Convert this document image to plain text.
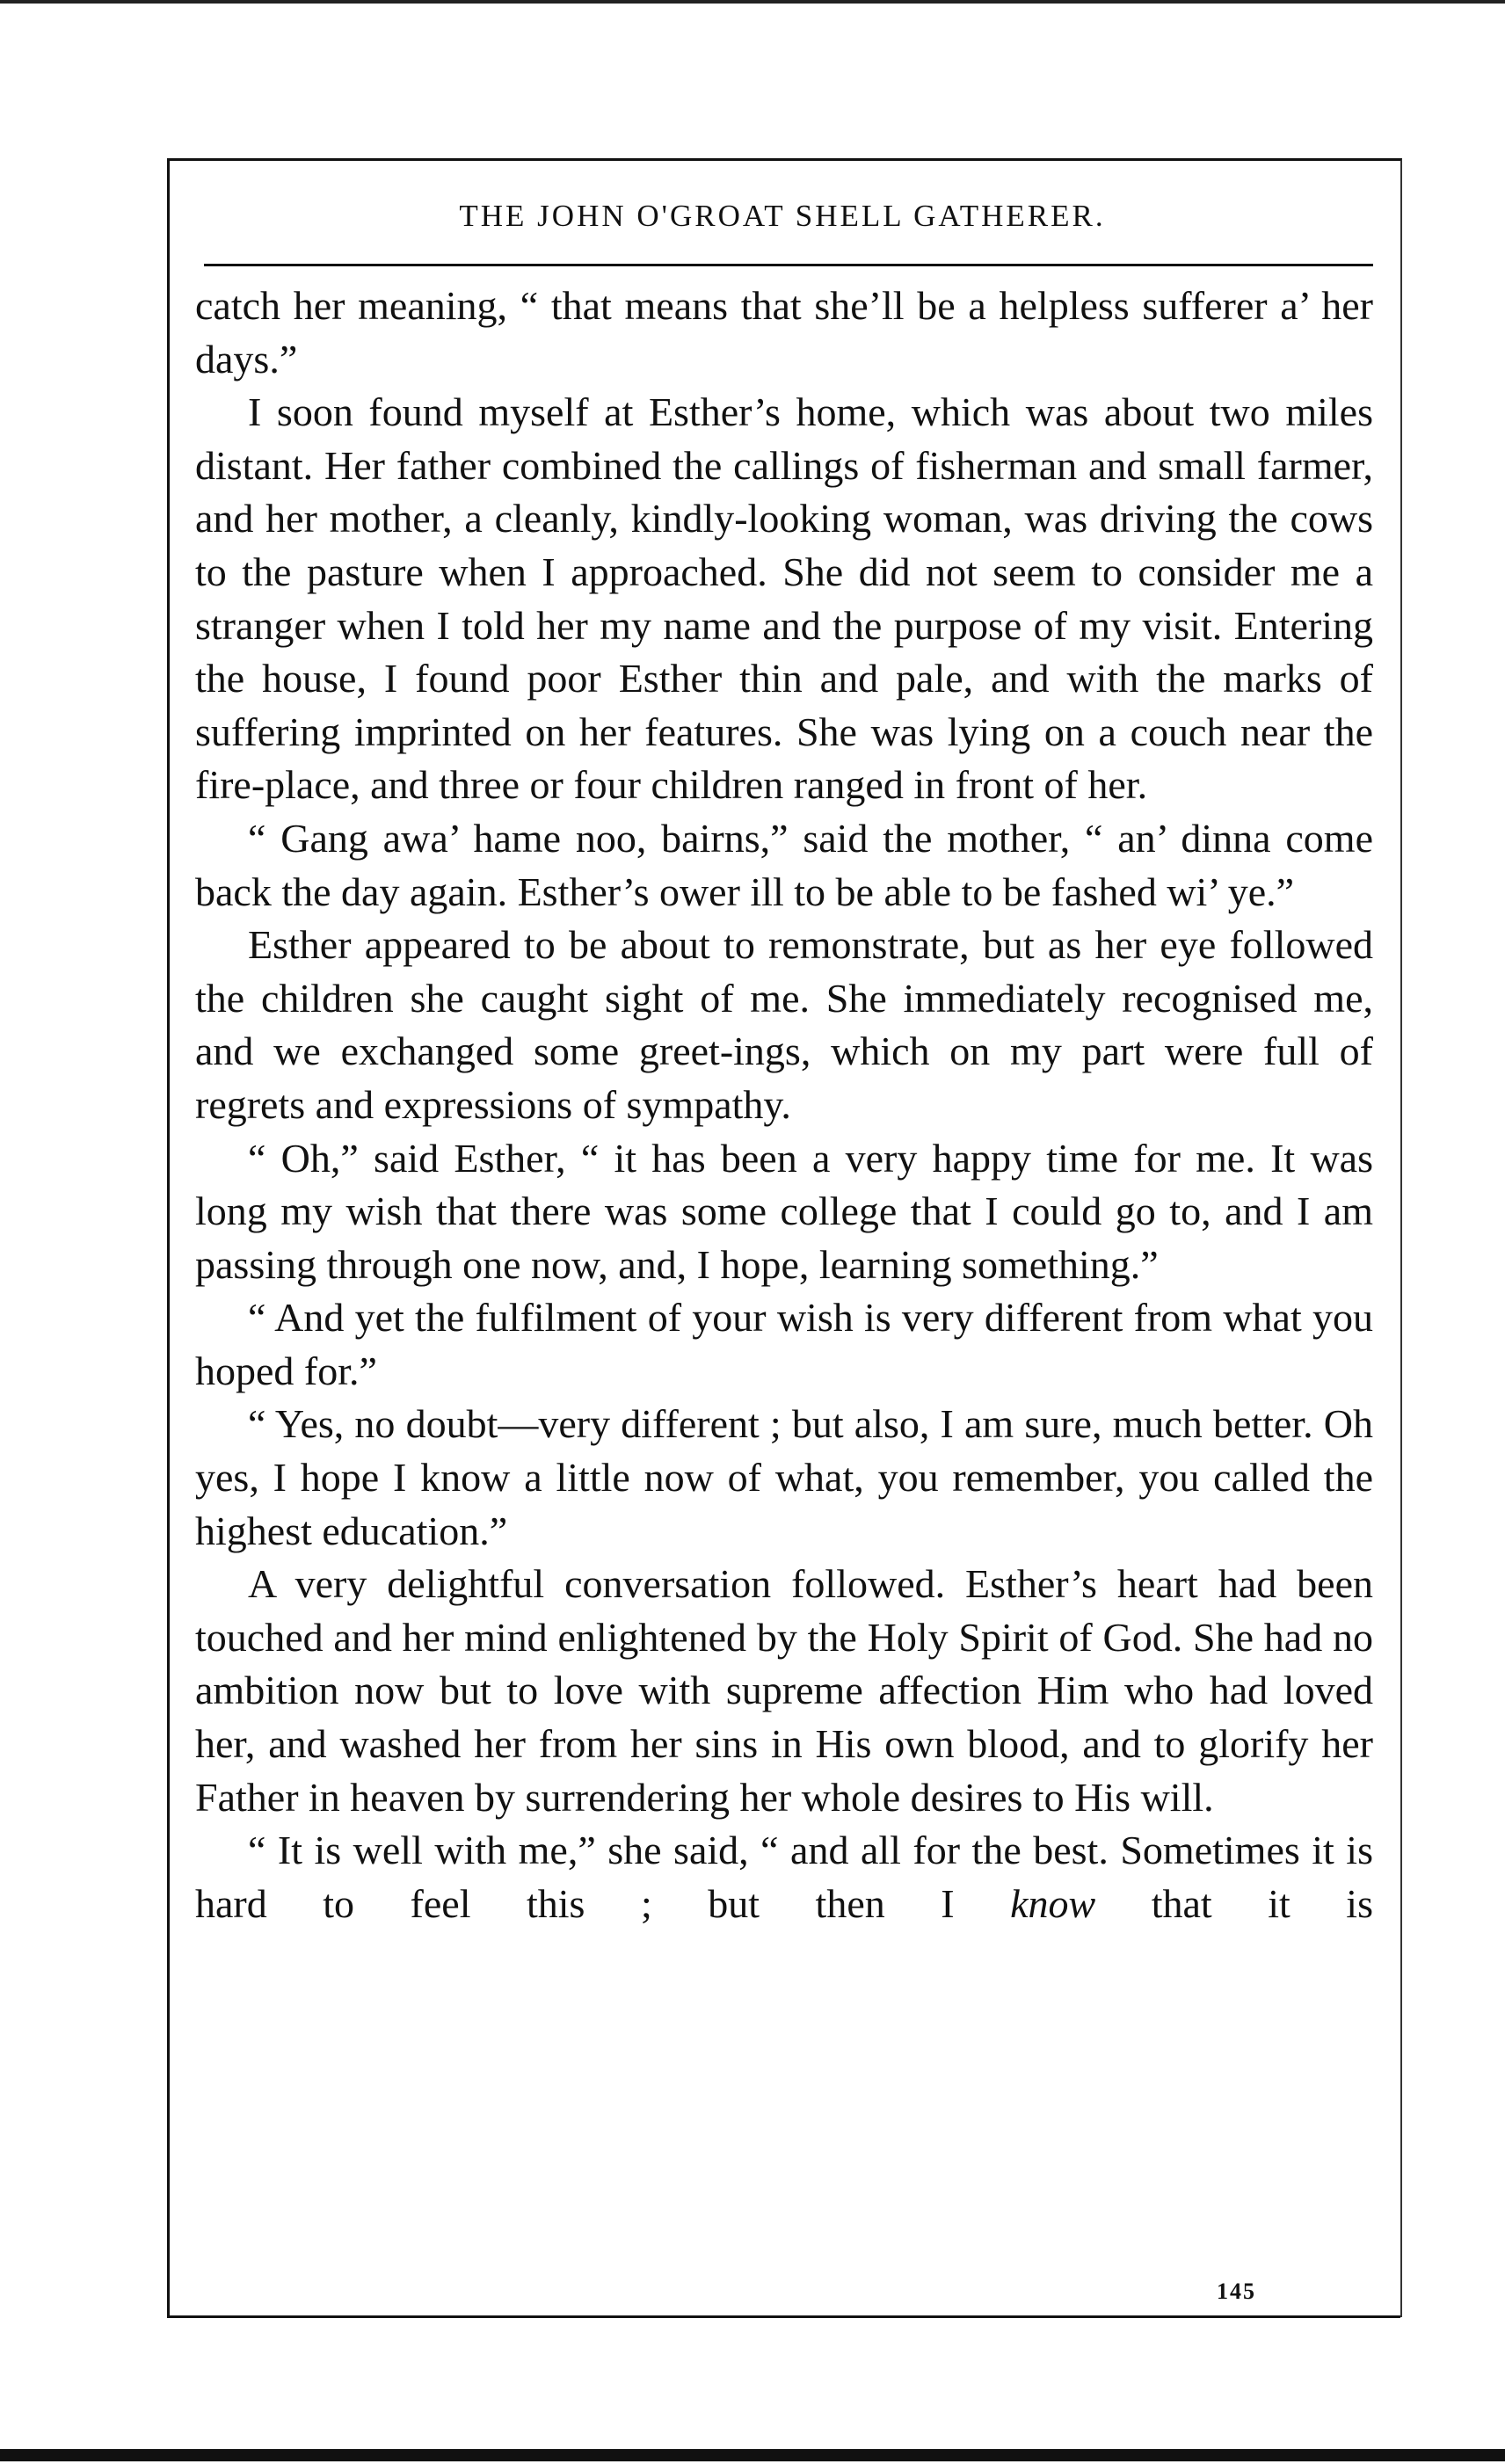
THE JOHN O'GROAT SHELL GATHERER.

catch her meaning, “ that means that she’ll be a helpless sufferer a’ her days.”

I soon found myself at Esther’s home, which was about two miles distant. Her father combined the callings of fisherman and small farmer, and her mother, a cleanly, kindly-looking woman, was driving the cows to the pasture when I approached. She did not seem to consider me a stranger when I told her my name and the purpose of my visit. Entering the house, I found poor Esther thin and pale, and with the marks of suffering imprinted on her features. She was lying on a couch near the fire-place, and three or four children ranged in front of her.

“ Gang awa’ hame noo, bairns,” said the mother, “ an’ dinna come back the day again. Esther’s ower ill to be able to be fashed wi’ ye.”

Esther appeared to be about to remonstrate, but as her eye followed the children she caught sight of me. She immediately recognised me, and we exchanged some greet-ings, which on my part were full of regrets and expressions of sympathy.

“ Oh,” said Esther, “ it has been a very happy time for me. It was long my wish that there was some college that I could go to, and I am passing through one now, and, I hope, learning something.”

“ And yet the fulfilment of your wish is very different from what you hoped for.”

“ Yes, no doubt—very different ; but also, I am sure, much better. Oh yes, I hope I know a little now of what, you remember, you called the highest education.”

A very delightful conversation followed. Esther’s heart had been touched and her mind enlightened by the Holy Spirit of God. She had no ambition now but to love with supreme affection Him who had loved her, and washed her from her sins in His own blood, and to glorify her Father in heaven by surrendering her whole desires to His will.

“ It is well with me,” she said, “ and all for the best. Sometimes it is hard to feel this ; but then I know that it is

145
